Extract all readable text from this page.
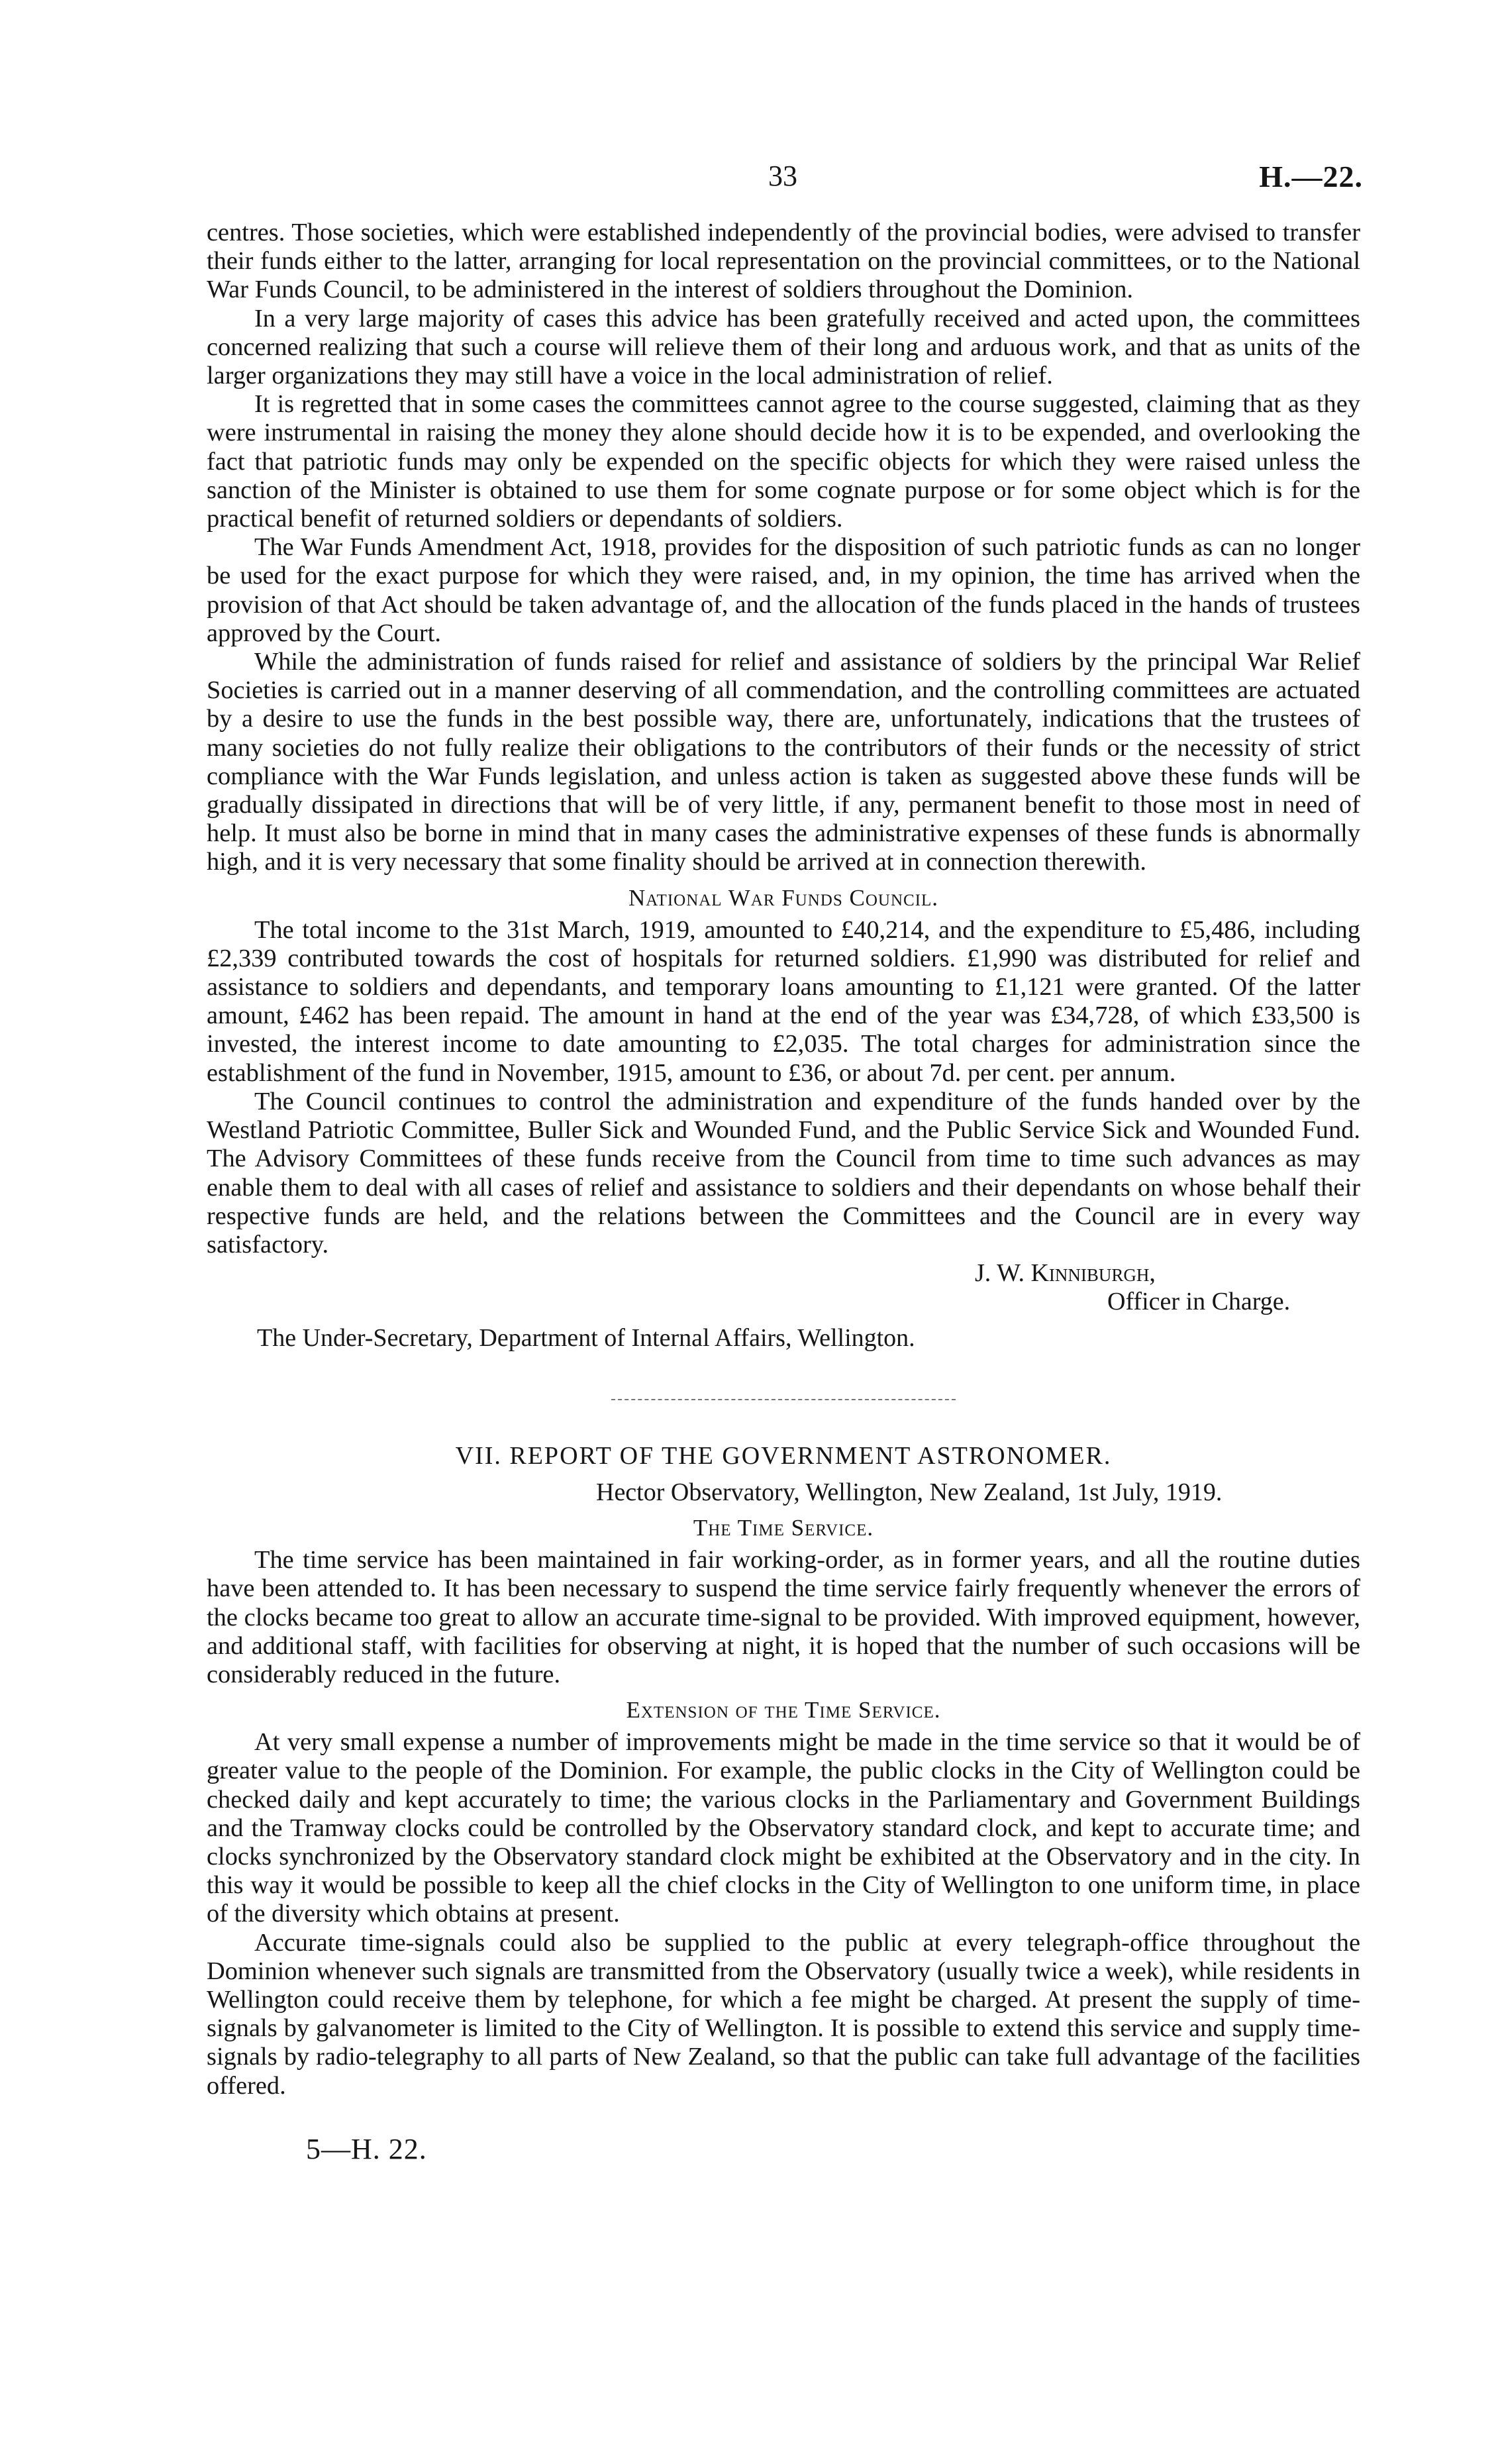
33	H.—22.

centres. Those societies, which were established independently of the provincial bodies, were advised to transfer their funds either to the latter, arranging for local representation on the provincial committees, or to the National War Funds Council, to be administered in the interest of soldiers throughout the Dominion.

In a very large majority of cases this advice has been gratefully received and acted upon, the committees concerned realizing that such a course will relieve them of their long and arduous work, and that as units of the larger organizations they may still have a voice in the local administration of relief.

It is regretted that in some cases the committees cannot agree to the course suggested, claiming that as they were instrumental in raising the money they alone should decide how it is to be expended, and overlooking the fact that patriotic funds may only be expended on the specific objects for which they were raised unless the sanction of the Minister is obtained to use them for some cognate purpose or for some object which is for the practical benefit of returned soldiers or dependants of soldiers.

The War Funds Amendment Act, 1918, provides for the disposition of such patriotic funds as can no longer be used for the exact purpose for which they were raised, and, in my opinion, the time has arrived when the provision of that Act should be taken advantage of, and the allocation of the funds placed in the hands of trustees approved by the Court.

While the administration of funds raised for relief and assistance of soldiers by the principal War Relief Societies is carried out in a manner deserving of all commendation, and the controlling committees are actuated by a desire to use the funds in the best possible way, there are, unfortunately, indications that the trustees of many societies do not fully realize their obligations to the contributors of their funds or the necessity of strict compliance with the War Funds legislation, and unless action is taken as suggested above these funds will be gradually dissipated in directions that will be of very little, if any, permanent benefit to those most in need of help. It must also be borne in mind that in many cases the administrative expenses of these funds is abnormally high, and it is very necessary that some finality should be arrived at in connection therewith.

National War Funds Council.

The total income to the 31st March, 1919, amounted to £40,214, and the expenditure to £5,486, including £2,339 contributed towards the cost of hospitals for returned soldiers. £1,990 was distributed for relief and assistance to soldiers and dependants, and temporary loans amounting to £1,121 were granted. Of the latter amount, £462 has been repaid. The amount in hand at the end of the year was £34,728, of which £33,500 is invested, the interest income to date amounting to £2,035. The total charges for administration since the establishment of the fund in November, 1915, amount to £36, or about 7d. per cent. per annum.

The Council continues to control the administration and expenditure of the funds handed over by the Westland Patriotic Committee, Buller Sick and Wounded Fund, and the Public Service Sick and Wounded Fund. The Advisory Committees of these funds receive from the Council from time to time such advances as may enable them to deal with all cases of relief and assistance to soldiers and their dependants on whose behalf their respective funds are held, and the relations between the Committees and the Council are in every way satisfactory.

J. W. Kinniburgh,
Officer in Charge.
The Under-Secretary, Department of Internal Affairs, Wellington.
VII. REPORT OF THE GOVERNMENT ASTRONOMER.
Hector Observatory, Wellington, New Zealand, 1st July, 1919.
The Time Service.

The time service has been maintained in fair working-order, as in former years, and all the routine duties have been attended to. It has been necessary to suspend the time service fairly frequently whenever the errors of the clocks became too great to allow an accurate time-signal to be provided. With improved equipment, however, and additional staff, with facilities for observing at night, it is hoped that the number of such occasions will be considerably reduced in the future.

Extension of the Time Service.

At very small expense a number of improvements might be made in the time service so that it would be of greater value to the people of the Dominion. For example, the public clocks in the City of Wellington could be checked daily and kept accurately to time; the various clocks in the Parliamentary and Government Buildings and the Tramway clocks could be controlled by the Observatory standard clock, and kept to accurate time; and clocks synchronized by the Observatory standard clock might be exhibited at the Observatory and in the city. In this way it would be possible to keep all the chief clocks in the City of Wellington to one uniform time, in place of the diversity which obtains at present.

Accurate time-signals could also be supplied to the public at every telegraph-office throughout the Dominion whenever such signals are transmitted from the Observatory (usually twice a week), while residents in Wellington could receive them by telephone, for which a fee might be charged. At present the supply of time-signals by galvanometer is limited to the City of Wellington. It is possible to extend this service and supply time-signals by radio-telegraphy to all parts of New Zealand, so that the public can take full advantage of the facilities offered.

5—H. 22.
